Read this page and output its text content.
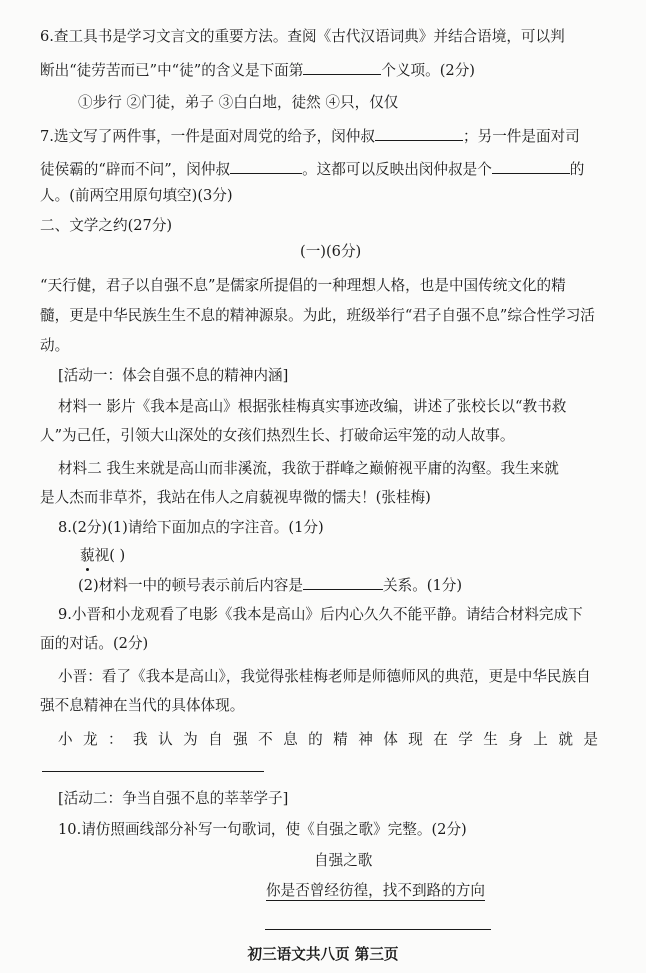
6.查工具书是学习文言文的重要方法。查阅《古代汉语词典》并结合语境，可以判
断出“徒劳苦而已”中“徒”的含义是下面第	个义项。(2分)
①步行 ②门徒，弟子 ③白白地，徒然 ④只，仅仅
7.选文写了两件事，一件是面对周党的给予，闵仲叔	；另一件是面对司
徒侯霸的“辟而不问”，闵仲叔	。这都可以反映出闵仲叔是个	的
人。(前两空用原句填空)(3分)
二、文学之约(27分)
(一)(6分)
“天行健，君子以自强不息”是儒家所提倡的一种理想人格，也是中国传统文化的精
髓，更是中华民族生生不息的精神源泉。为此，班级举行“君子自强不息”综合性学习活
动。
[活动一：体会自强不息的精神内涵]
材料一 影片《我本是高山》根据张桂梅真实事迹改编，讲述了张校长以“教书救
人”为己任，引领大山深处的女孩们热烈生长、打破命运牢笼的动人故事。
材料二 我生来就是高山而非溪流，我欲于群峰之巅俯视平庸的沟壑。我生来就
是人杰而非草芥，我站在伟人之肩藐视卑微的懦夫！(张桂梅)
8.(2分)(1)请给下面加点的字注音。(1分)
藐视( )
(2)材料一中的顿号表示前后内容是	关系。(1分)
9.小晋和小龙观看了电影《我本是高山》后内心久久不能平静。请结合材料完成下
面的对话。(2分)
小晋：看了《我本是高山》，我觉得张桂梅老师是师德师风的典范，更是中华民族自
强不息精神在当代的具体体现。
小 龙 ： 我 认 为 自 强 不 息 的 精 神 体 现 在 学 生 身 上 就 是
[活动二：争当自强不息的莘莘学子]
10.请仿照画线部分补写一句歌词，使《自强之歌》完整。(2分)
自强之歌
你是否曾经彷徨，找不到路的方向
初三语文共八页 第三页
